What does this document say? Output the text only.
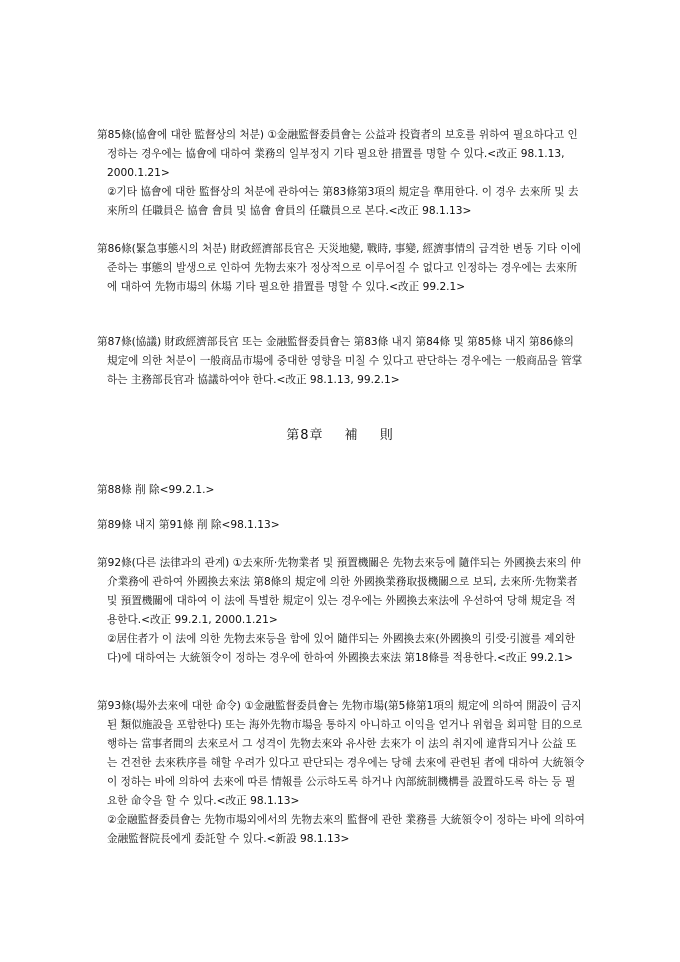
第85條(協會에 대한 監督상의 처분) ①金融監督委員會는 公益과 投資者의 보호를 위하여 필요하다고 인정하는 경우에는 協會에 대하여 業務의 일부정지 기타 필요한 措置를 명할 수 있다.<改正 98.1.13, 2000.1.21>

②기타 協會에 대한 監督상의 처분에 관하여는 第83條第3項의 規定을 準用한다. 이 경우 去來所 및 去來所의 任職員은 協會 會員 및 協會 會員의 任職員으로 본다.<改正 98.1.13>

第86條(緊急事態시의 처분) 財政經濟部長官은 天災地變, 戰時, 事變, 經濟事情의 급격한 변동 기타 이에 준하는 事態의 발생으로 인하여 先物去來가 정상적으로 이루어질 수 없다고 인정하는 경우에는 去來所에 대하여 先物市場의 休場 기타 필요한 措置를 명할 수 있다.<改正 99.2.1>

第87條(協議) 財政經濟部長官 또는 金融監督委員會는 第83條 내지 第84條 및 第85條 내지 第86條의 規定에 의한 처분이 一般商品市場에 중대한 영향을 미칠 수 있다고 판단하는 경우에는 一般商品을 管掌하는 主務部長官과 協議하여야 한다.<改正 98.1.13, 99.2.1>

第8章 補 則

第88條 削 除<99.2.1.>

第89條 내지 第91條 削 除<98.1.13>

第92條(다른 法律과의 관계) ①去來所·先物業者 및 預置機關은 先物去來등에 隨伴되는 外國換去來의 仲介業務에 관하여 外國換去來法 第8條의 規定에 의한 外國換業務取扱機關으로 보되, 去來所·先物業者 및 預置機關에 대하여 이 法에 특별한 規定이 있는 경우에는 外國換去來法에 우선하여 당해 規定을 적용한다.<改正 99.2.1, 2000.1.21>

②居住者가 이 法에 의한 先物去來등을 함에 있어 隨伴되는 外國換去來(外國換의 引受·引渡를 제외한다)에 대하여는 大統領令이 정하는 경우에 한하여 外國換去來法 第18條를 적용한다.<改正 99.2.1>

第93條(場外去來에 대한 命令) ①金融監督委員會는 先物市場(第5條第1項의 規定에 의하여 開設이 금지된 類似施設을 포함한다) 또는 海外先物市場을 통하지 아니하고 이익을 얻거나 위험을 회피할 目的으로 행하는 當事者間의 去來로서 그 성격이 先物去來와 유사한 去來가 이 法의 취지에 違背되거나 公益 또는 건전한 去來秩序를 해할 우려가 있다고 판단되는 경우에는 당해 去來에 관련된 者에 대하여 大統領令이 정하는 바에 의하여 去來에 따른 情報를 公示하도록 하거나 內部統制機構를 設置하도록 하는 등 필요한 命令을 할 수 있다.<改正 98.1.13>

②金融監督委員會는 先物市場외에서의 先物去來의 監督에 관한 業務를 大統領令이 정하는 바에 의하여 金融監督院長에게 委託할 수 있다.<新設 98.1.13>
